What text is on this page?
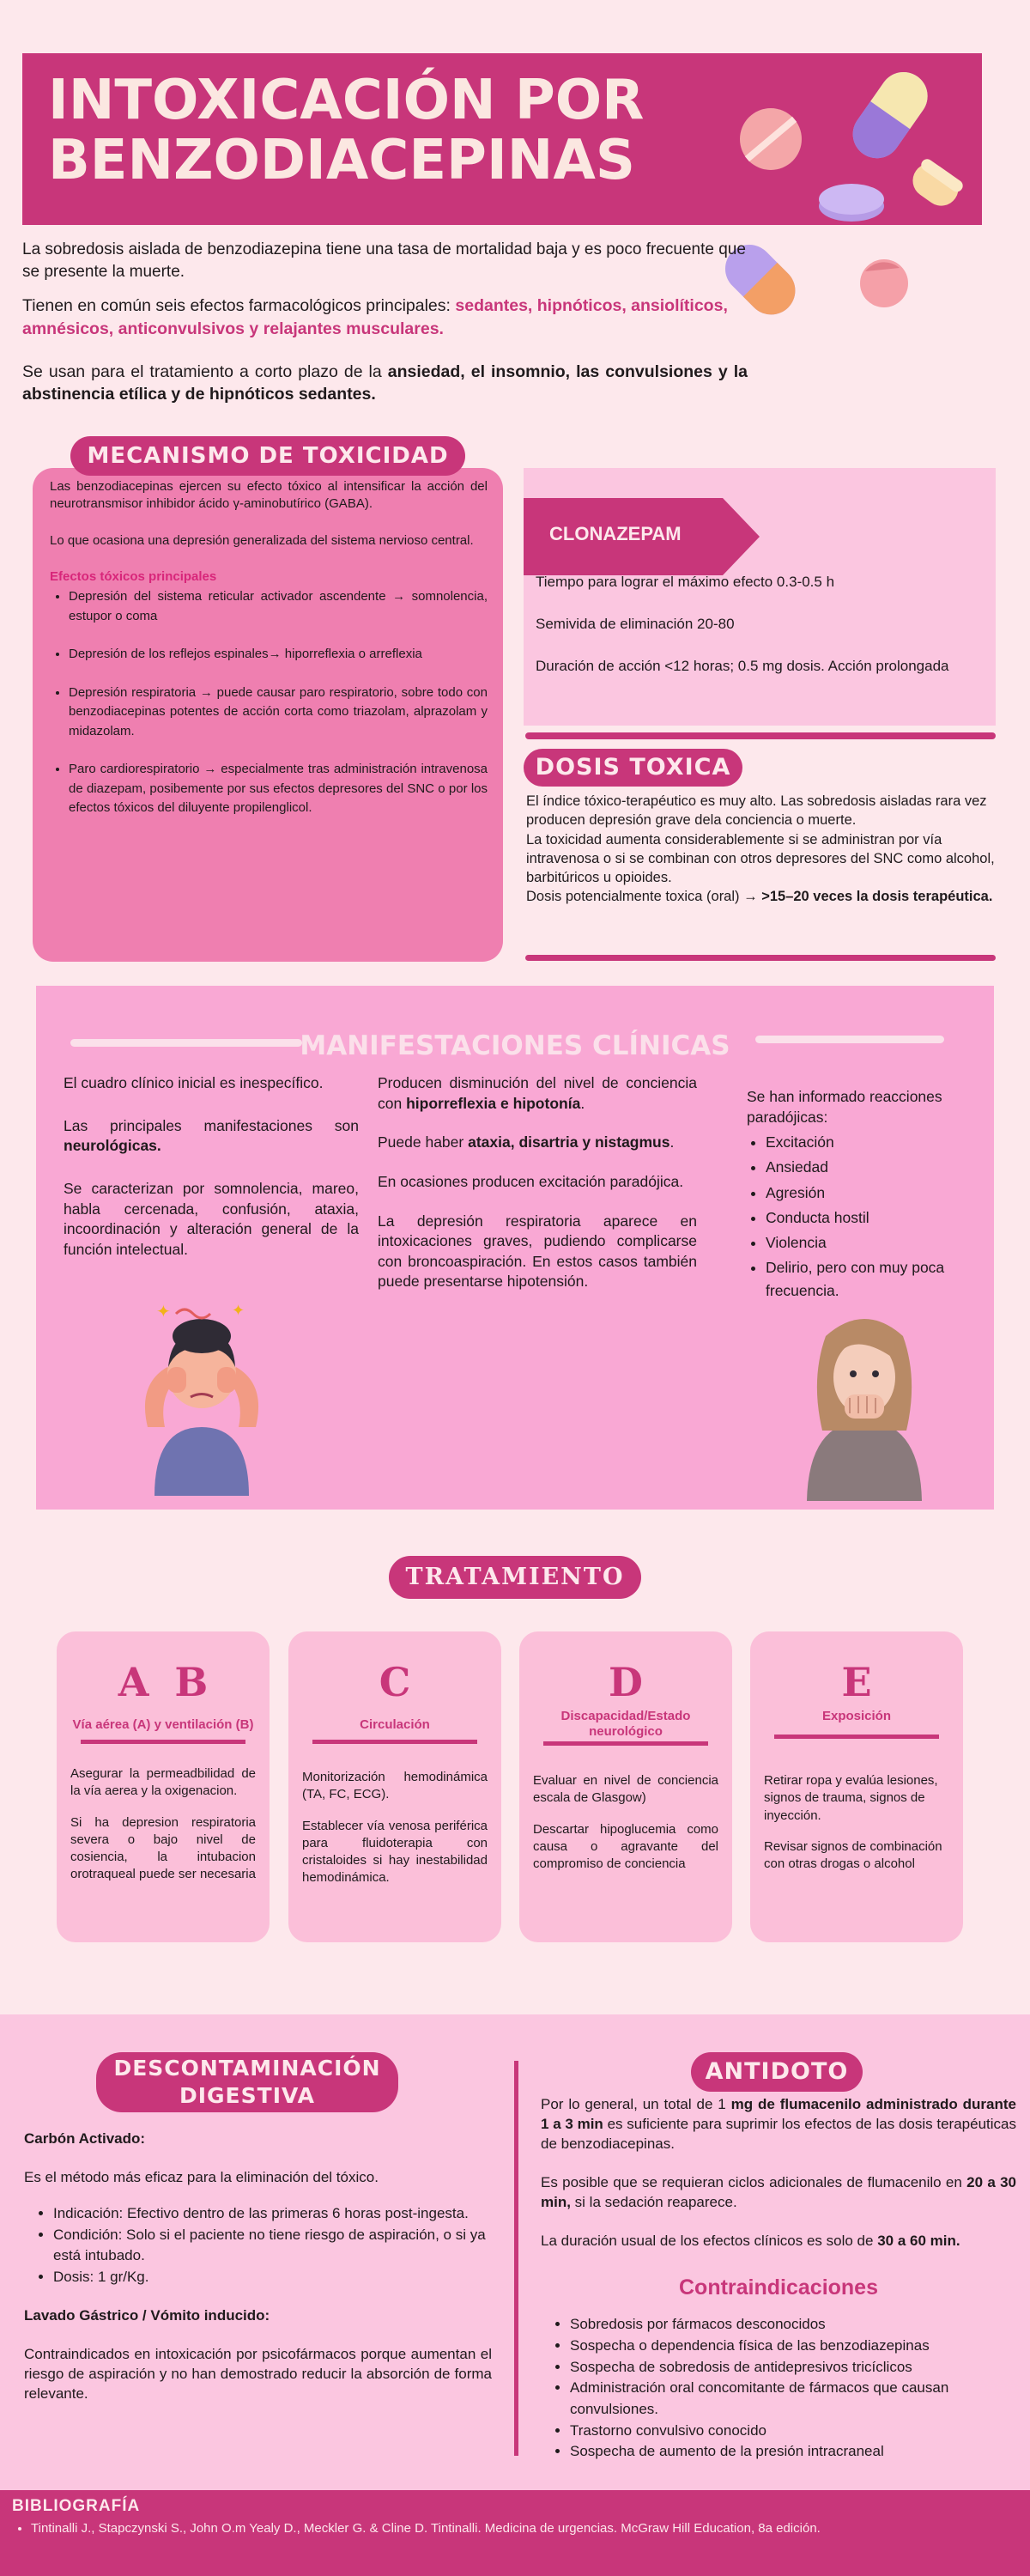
INTOXICACIÓN POR
BENZODIACEPINAS

La sobredosis aislada de benzodiazepina tiene una tasa de mortalidad baja y es poco frecuente que se presente la muerte.

Tienen en común seis efectos farmacológicos principales: sedantes, hipnóticos, ansiolíticos, amnésicos, anticonvulsivos y relajantes musculares.

Se usan para el tratamiento a corto plazo de la ansiedad, el insomnio, las convulsiones y la abstinencia etílica y de hipnóticos sedantes.

Las benzodiacepinas ejercen su efecto tóxico al intensificar la acción del neurotransmisor inhibidor ácido γ-aminobutírico (GABA).

Lo que ocasiona una depresión generalizada del sistema nervioso central.

Efectos tóxicos principales

• Depresión del sistema reticular activador ascendente → somnolencia, estupor o coma
• Depresión de los reflejos espinales→ hiporreflexia o arreflexia
• Depresión respiratoria → puede causar paro respiratorio, sobre todo con benzodiacepinas potentes de acción corta como triazolam, alprazolam y midazolam.
• Paro cardiorespiratorio → especialmente tras administración intravenosa de diazepam, posibemente por sus efectos depresores del SNC o por los efectos tóxicos del diluyente propilenglicol.
MECANISMO DE TOXICIDAD
CLONAZEPAM

Tiempo para lograr el máximo efecto 0.3-0.5 h

Semivida de eliminación 20-80

Duración de acción <12 horas; 0.5 mg dosis. Acción prolongada

DOSIS TOXICA

El índice tóxico-terapéutico es muy alto. Las sobredosis aisladas rara vez producen depresión grave dela conciencia o muerte.

La toxicidad aumenta considerablemente si se administran por vía intravenosa o si se combinan con otros depresores del SNC como alcohol, barbitúricos u opioides.

Dosis potencialmente toxica (oral) → >15–20 veces la dosis terapéutica.

MANIFESTACIONES CLÍNICAS

El cuadro clínico inicial es inespecífico.

Las principales manifestaciones son neurológicas.

Se caracterizan por somnolencia, mareo, habla cercenada, confusión, ataxia, incoordinación y alteración general de la función intelectual.

Producen disminución del nivel de conciencia con hiporreflexia e hipotonía.

Puede haber ataxia, disartria y nistagmus.

En ocasiones producen excitación paradójica.

La depresión respiratoria aparece en intoxicaciones graves, pudiendo complicarse con broncoaspiración. En estos casos también puede presentarse hipotensión.

Se han informado reacciones paradójicas:

• Excitación
• Ansiedad
• Agresión
• Conducta hostil
• Violencia
• Delirio, pero con muy poca frecuencia.
✦	✦
TRATAMIENTO
A B
Vía aérea (A) y ventilación (B)

Asegurar la permeadbilidad de la vía aerea y la oxigenacion.

Si ha depresion respiratoria severa o bajo nivel de cosiencia, la intubacion orotraqueal puede ser necesaria

C
Circulación

Monitorización hemodinámica (TA, FC, ECG).

Establecer vía venosa periférica para fluidoterapia con cristaloides si hay inestabilidad hemodinámica.

D
Discapacidad/Estado neurológico

Evaluar en nivel de conciencia escala de Glasgow)

Descartar hipoglucemia como causa o agravante del compromiso de conciencia

E
Exposición

Retirar ropa y evalúa lesiones, signos de trauma, signos de inyección.

Revisar signos de combinación con otras drogas o alcohol

DESCONTAMINACIÓN
DIGESTIVA

Carbón Activado:

Es el método más eficaz para la eliminación del tóxico.

• Indicación: Efectivo dentro de las primeras 6 horas post-ingesta.
• Condición: Solo si el paciente no tiene riesgo de aspiración, o si ya está intubado.
• Dosis: 1 gr/Kg.

Lavado Gástrico / Vómito inducido:

Contraindicados en intoxicación por psicofármacos porque aumentan el riesgo de aspiración y no han demostrado reducir la absorción de forma relevante.

ANTIDOTO

Por lo general, un total de 1 mg de flumacenilo administrado durante 1 a 3 min es suficiente para suprimir los efectos de las dosis terapéuticas de benzodiacepinas.

Es posible que se requieran ciclos adicionales de flumacenilo en 20 a 30 min, si la sedación reaparece.

La duración usual de los efectos clínicos es solo de 30 a 60 min.

Contraindicaciones

• Sobredosis por fármacos desconocidos
• Sospecha o dependencia física de las benzodiazepinas
• Sospecha de sobredosis de antidepresivos tricíclicos
• Administración oral concomitante de fármacos que causan convulsiones.
• Trastorno convulsivo conocido
• Sospecha de aumento de la presión intracraneal
BIBLIOGRAFÍA
• Tintinalli J., Stapczynski S., John O.m Yealy D., Meckler G. & Cline D. Tintinalli. Medicina de urgencias. McGraw Hill Education, 8a edición.
